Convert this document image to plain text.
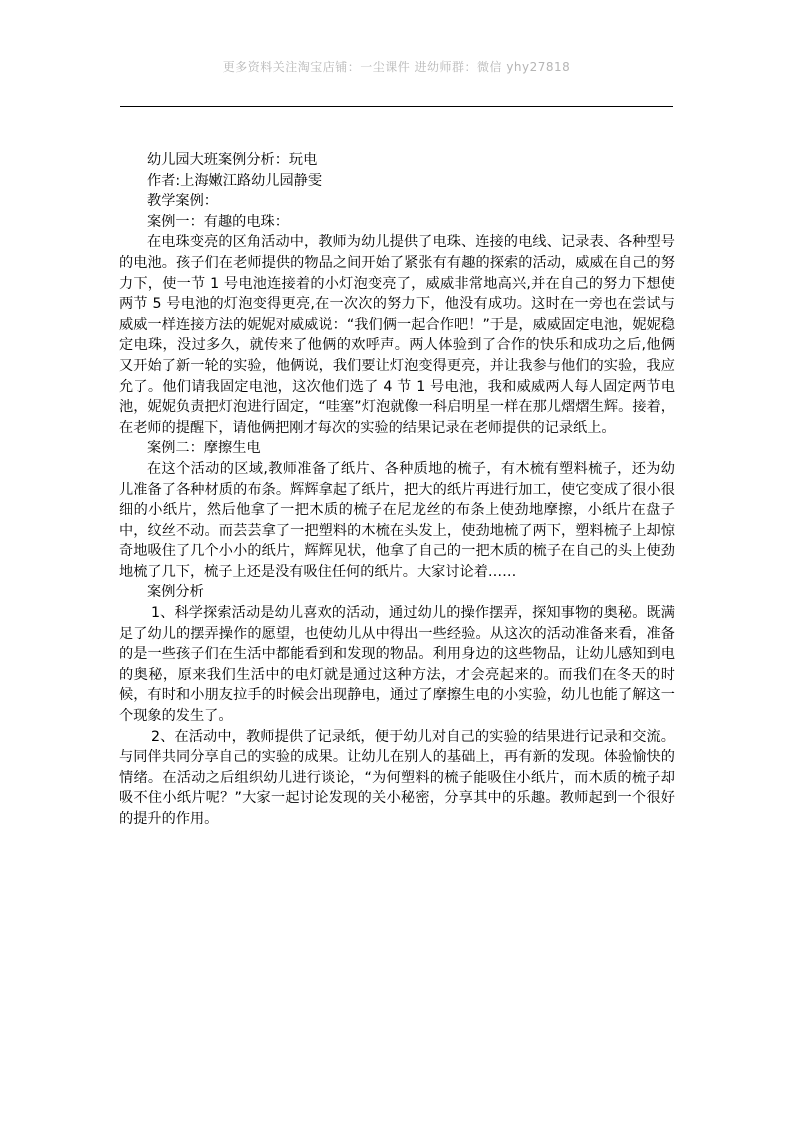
更多资料关注淘宝店铺：一尘课件 进幼师群：微信 yhy27818

幼儿园大班案例分析：玩电

作者:上海嫩江路幼儿园静雯

教学案例：

案例一：有趣的电珠：

在电珠变亮的区角活动中，教师为幼儿提供了电珠、连接的电线、记录表、各种型号的电池。孩子们在老师提供的物品之间开始了紧张有有趣的探索的活动，威威在自己的努力下，使一节 1 号电池连接着的小灯泡变亮了，威威非常地高兴,并在自己的努力下想使两节 5 号电池的灯泡变得更亮,在一次次的努力下，他没有成功。这时在一旁也在尝试与威威一样连接方法的妮妮对威威说：“我们俩一起合作吧！”于是，威威固定电池，妮妮稳定电珠，没过多久，就传来了他俩的欢呼声。两人体验到了合作的快乐和成功之后,他俩又开始了新一轮的实验，他俩说，我们要让灯泡变得更亮，并让我参与他们的实验，我应允了。他们请我固定电池，这次他们选了 4 节 1 号电池，我和威威两人每人固定两节电池，妮妮负责把灯泡进行固定，“哇塞”灯泡就像一科启明星一样在那儿熠熠生辉。接着，在老师的提醒下，请他俩把刚才每次的实验的结果记录在老师提供的记录纸上。

案例二：摩擦生电

在这个活动的区域,教师准备了纸片、各种质地的梳子，有木梳有塑料梳子，还为幼儿准备了各种材质的布条。辉辉拿起了纸片，把大的纸片再进行加工，使它变成了很小很细的小纸片，然后他拿了一把木质的梳子在尼龙丝的布条上使劲地摩擦，小纸片在盘子中，纹丝不动。而芸芸拿了一把塑料的木梳在头发上，使劲地梳了两下，塑料梳子上却惊奇地吸住了几个小小的纸片，辉辉见状，他拿了自己的一把木质的梳子在自己的头上使劲地梳了几下，梳子上还是没有吸住任何的纸片。大家讨论着……

案例分析

1、科学探索活动是幼儿喜欢的活动，通过幼儿的操作摆弄，探知事物的奥秘。既满足了幼儿的摆弄操作的愿望，也使幼儿从中得出一些经验。从这次的活动准备来看，准备的是一些孩子们在生活中都能看到和发现的物品。利用身边的这些物品，让幼儿感知到电的奥秘，原来我们生活中的电灯就是通过这种方法，才会亮起来的。而我们在冬天的时候，有时和小朋友拉手的时候会出现静电，通过了摩擦生电的小实验，幼儿也能了解这一个现象的发生了。

2、在活动中，教师提供了记录纸，便于幼儿对自己的实验的结果进行记录和交流。与同伴共同分享自己的实验的成果。让幼儿在别人的基础上，再有新的发现。体验愉快的情绪。在活动之后组织幼儿进行谈论，“为何塑料的梳子能吸住小纸片，而木质的梳子却吸不住小纸片呢？”大家一起讨论发现的关小秘密，分享其中的乐趣。教师起到一个很好的提升的作用。
